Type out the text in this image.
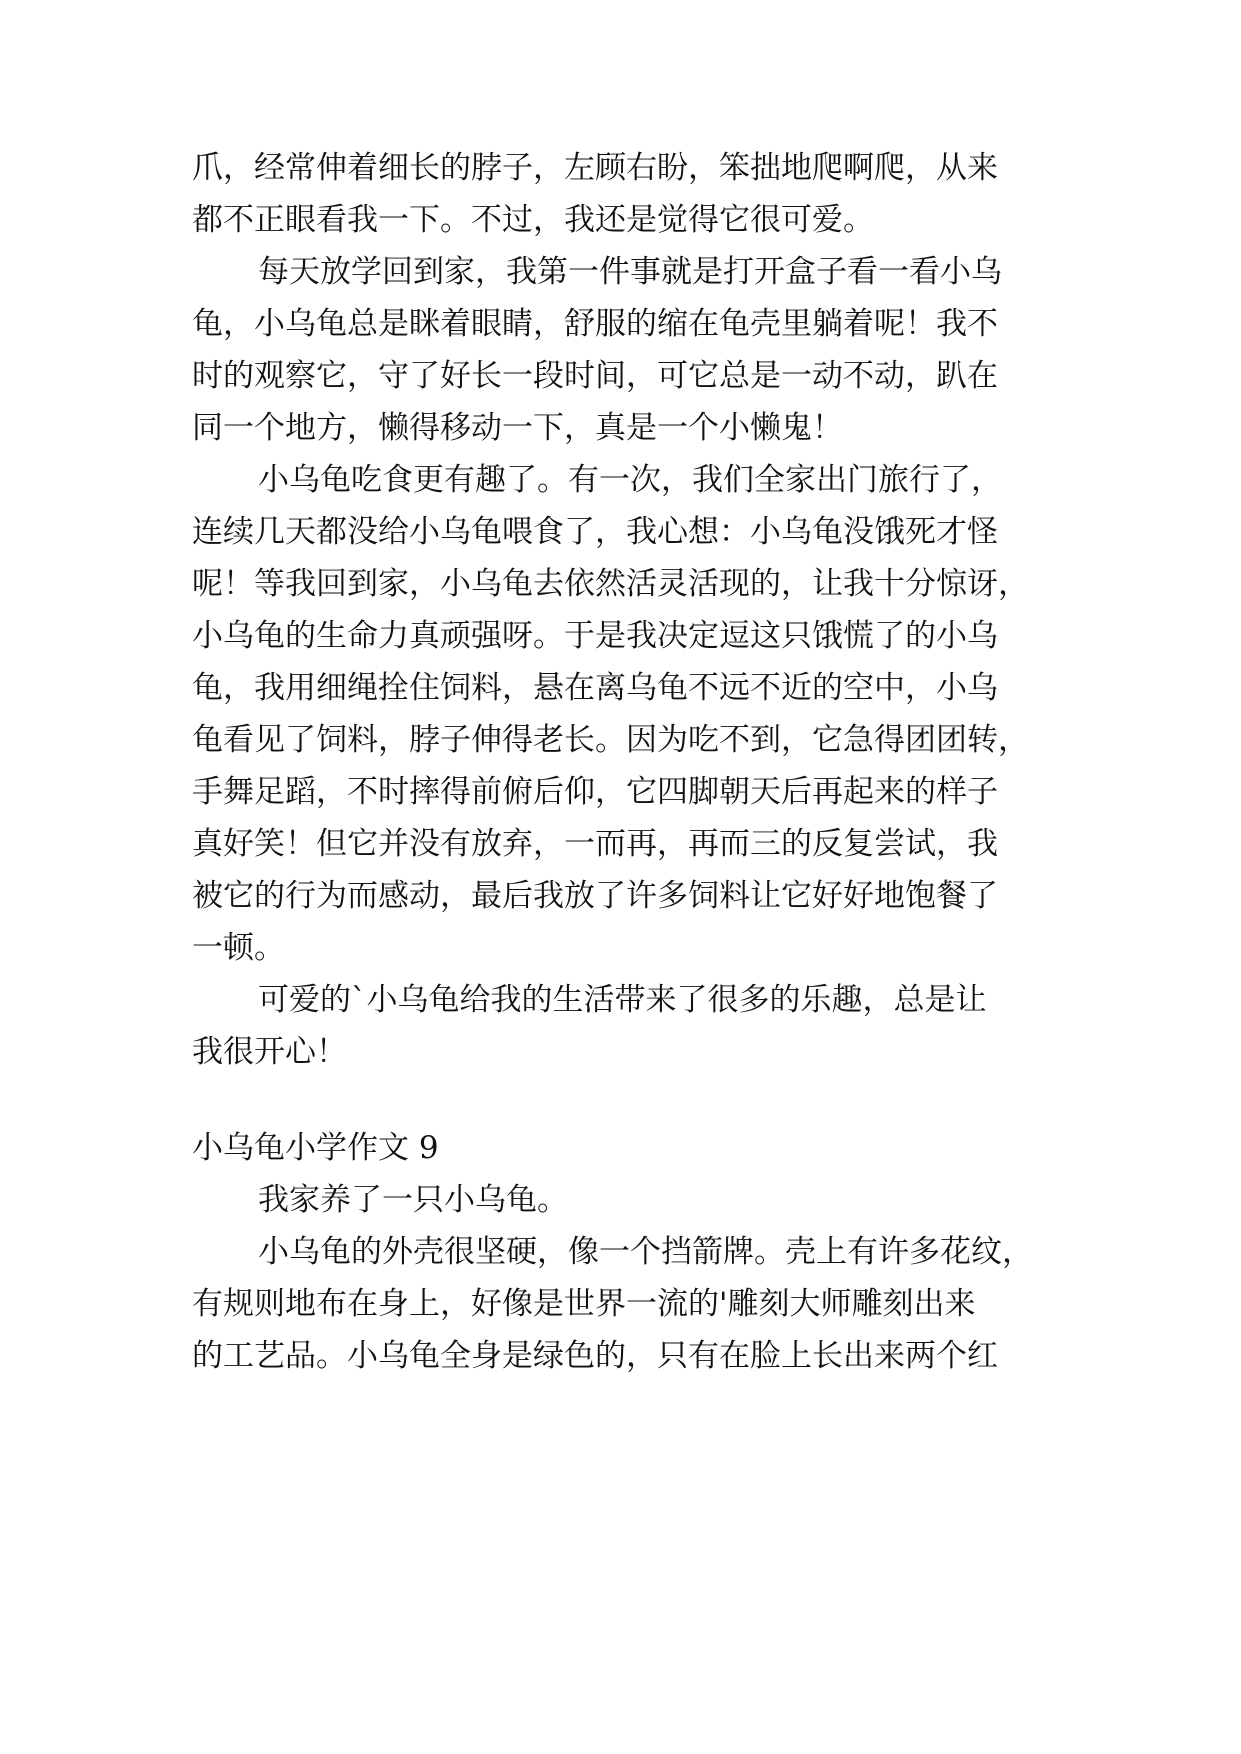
爪，经常伸着细长的脖子，左顾右盼，笨拙地爬啊爬，从来

都不正眼看我一下。不过，我还是觉得它很可爱。

每天放学回到家，我第一件事就是打开盒子看一看小乌

龟，小乌龟总是眯着眼睛，舒服的缩在龟壳里躺着呢！我不

时的观察它，守了好长一段时间，可它总是一动不动，趴在

同一个地方，懒得移动一下，真是一个小懒鬼！

小乌龟吃食更有趣了。有一次，我们全家出门旅行了，

连续几天都没给小乌龟喂食了，我心想：小乌龟没饿死才怪

呢！等我回到家，小乌龟去依然活灵活现的，让我十分惊讶，

小乌龟的生命力真顽强呀。于是我决定逗这只饿慌了的小乌

龟，我用细绳拴住饲料，悬在离乌龟不远不近的空中，小乌

龟看见了饲料，脖子伸得老长。因为吃不到，它急得团团转，

手舞足蹈，不时摔得前俯后仰，它四脚朝天后再起来的样子

真好笑！但它并没有放弃，一而再，再而三的反复尝试，我

被它的行为而感动，最后我放了许多饲料让它好好地饱餐了

一顿。

可爱的`小乌龟给我的生活带来了很多的乐趣，总是让

我很开心！

小乌龟小学作文 9

我家养了一只小乌龟。

小乌龟的外壳很坚硬，像一个挡箭牌。壳上有许多花纹，

有规则地布在身上，好像是世界一流的'雕刻大师雕刻出来

的工艺品。小乌龟全身是绿色的，只有在脸上长出来两个红
